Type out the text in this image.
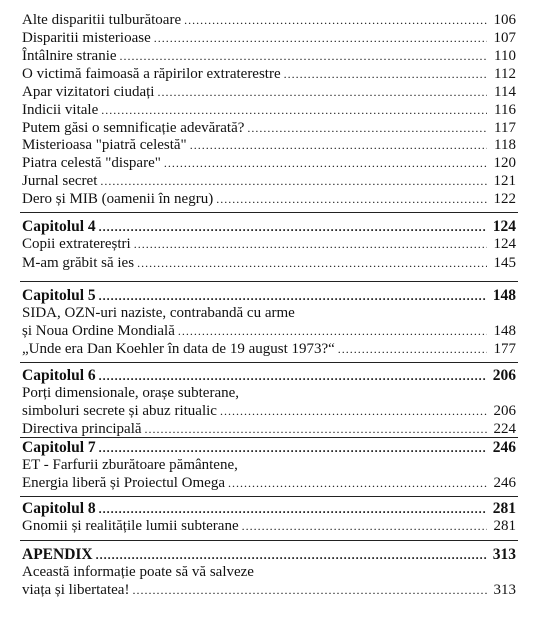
Alte disparitii tulburătoare .....	106
Disparitii misterioase .....	107
Întâlnire stranie .....	110
O victimă faimoasă a răpirilor extraterestre .....	112
Apar vizitatori ciudați .....	114
Indicii vitale .....	116
Putem găsi o semnificație adevărată? .....	117
Misterioasa "piatră celestă" .....	118
Piatra celestă "dispare" .....	120
Jurnal secret .....	121
Dero și MIB (oamenii în negru) .....	122
Capitolul 4 .....	124
Copii extratereștri .....	124
M-am grăbit să ies .....	145
Capitolul 5 .....	148
SIDA, OZN-uri naziste, contrabandă cu arme
și Noua Ordine Mondială .....	148
„Unde era Dan Koehler în data de 19 august 1973?“ .....	177
Capitolul 6 .....	206
Porți dimensionale, orașe subterane,
simboluri secrete și abuz ritualic .....	206
Directiva principală .....	224
Capitolul 7 .....	246
ET - Farfurii zburătoare pământene,
Energia liberă și Proiectul Omega .....	246
Capitolul 8 .....	281
Gnomii și realitățile lumii subterane .....	281
APENDIX .....	313
Această informație poate să vă salveze
viața și libertatea! .....	313
